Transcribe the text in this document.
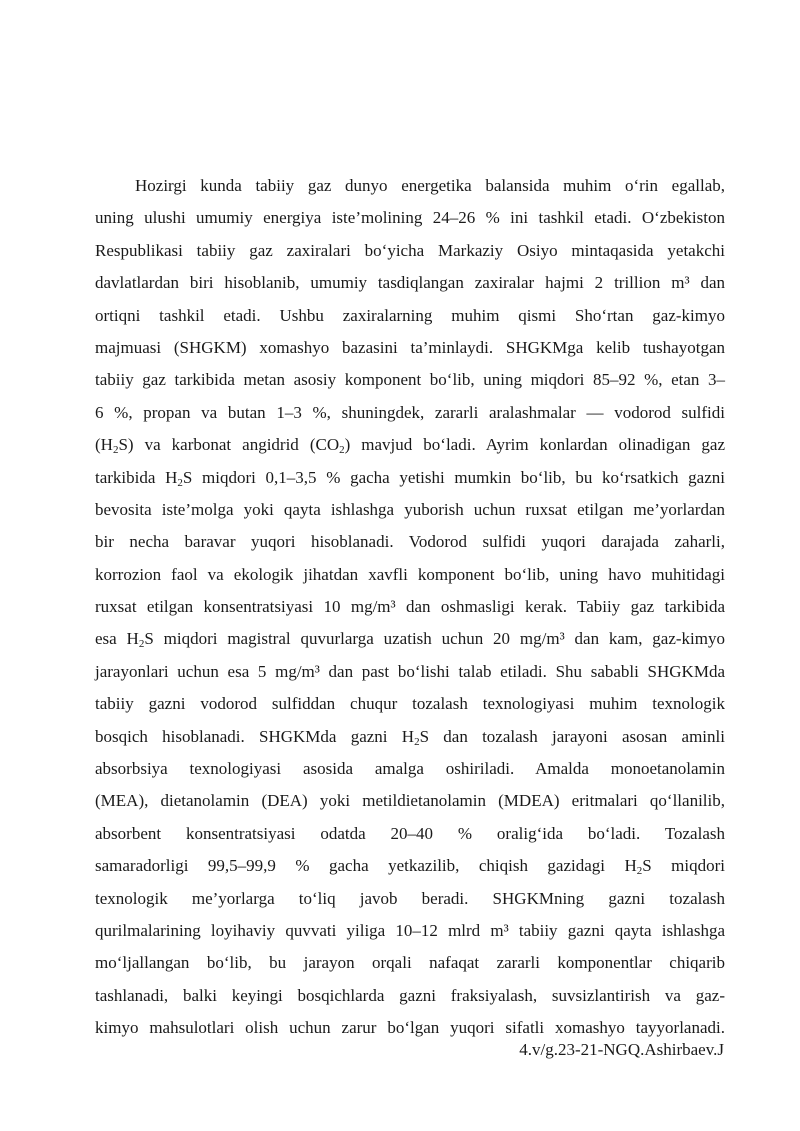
Hozirgi kunda tabiiy gaz dunyo energetika balansida muhim o‘rin egallab,
uning ulushi umumiy energiya iste’molining 24–26 % ini tashkil etadi. O‘zbekiston
Respublikasi tabiiy gaz zaxiralari bo‘yicha Markaziy Osiyo mintaqasida yetakchi
davlatlardan biri hisoblanib, umumiy tasdiqlangan zaxiralar hajmi 2 trillion m³ dan
ortiqni tashkil etadi. Ushbu zaxiralarning muhim qismi Sho‘rtan gaz-kimyo
majmuasi (SHGKM) xomashyo bazasini ta’minlaydi. SHGKMga kelib tushayotgan
tabiiy gaz tarkibida metan asosiy komponent bo‘lib, uning miqdori 85–92 %, etan 3–
6 %, propan va butan 1–3 %, shuningdek, zararli aralashmalar — vodorod sulfidi
$(H_2S)$ va karbonat angidrid $(CO_2)$ mavjud bo‘ladi. Ayrim konlardan olinadigan gaz
tarkibida $H_2S$ miqdori 0,1–3,5 % gacha yetishi mumkin bo‘lib, bu ko‘rsatkich gazni
bevosita iste’molga yoki qayta ishlashga yuborish uchun ruxsat etilgan me’yorlardan
bir necha baravar yuqori hisoblanadi. Vodorod sulfidi yuqori darajada zaharli,
korrozion faol va ekologik jihatdan xavfli komponent bo‘lib, uning havo muhitidagi
ruxsat etilgan konsentratsiyasi 10 mg/m³ dan oshmasligi kerak. Tabiiy gaz tarkibida
esa $H_2S$ miqdori magistral quvurlarga uzatish uchun 20 mg/m³ dan kam, gaz-kimyo
jarayonlari uchun esa 5 mg/m³ dan past bo‘lishi talab etiladi. Shu sababli SHGKMda
tabiiy gazni vodorod sulfiddan chuqur tozalash texnologiyasi muhim texnologik
bosqich hisoblanadi. SHGKMda gazni $H_2S$ dan tozalash jarayoni asosan aminli
absorbsiya texnologiyasi asosida amalga oshiriladi. Amalda monoetanolamin
(MEA), dietanolamin (DEA) yoki metildietanolamin (MDEA) eritmalari qo‘llanilib,
absorbent konsentratsiyasi odatda 20–40 % oralig‘ida bo‘ladi. Tozalash
samaradorligi 99,5–99,9 % gacha yetkazilib, chiqish gazidagi $H_2S$ miqdori
texnologik me’yorlarga to‘liq javob beradi. SHGKMning gazni tozalash
qurilmalarining loyihaviy quvvati yiliga 10–12 mlrd m³ tabiiy gazni qayta ishlashga
mo‘ljallangan bo‘lib, bu jarayon orqali nafaqat zararli komponentlar chiqarib
tashlanadi, balki keyingi bosqichlarda gazni fraksiyalash, suvsizlantirish va gaz-
kimyo mahsulotlari olish uchun zarur bo‘lgan yuqori sifatli xomashyo tayyorlanadi.
4.v/g.23-21-NGQ.Ashirbaev.J
